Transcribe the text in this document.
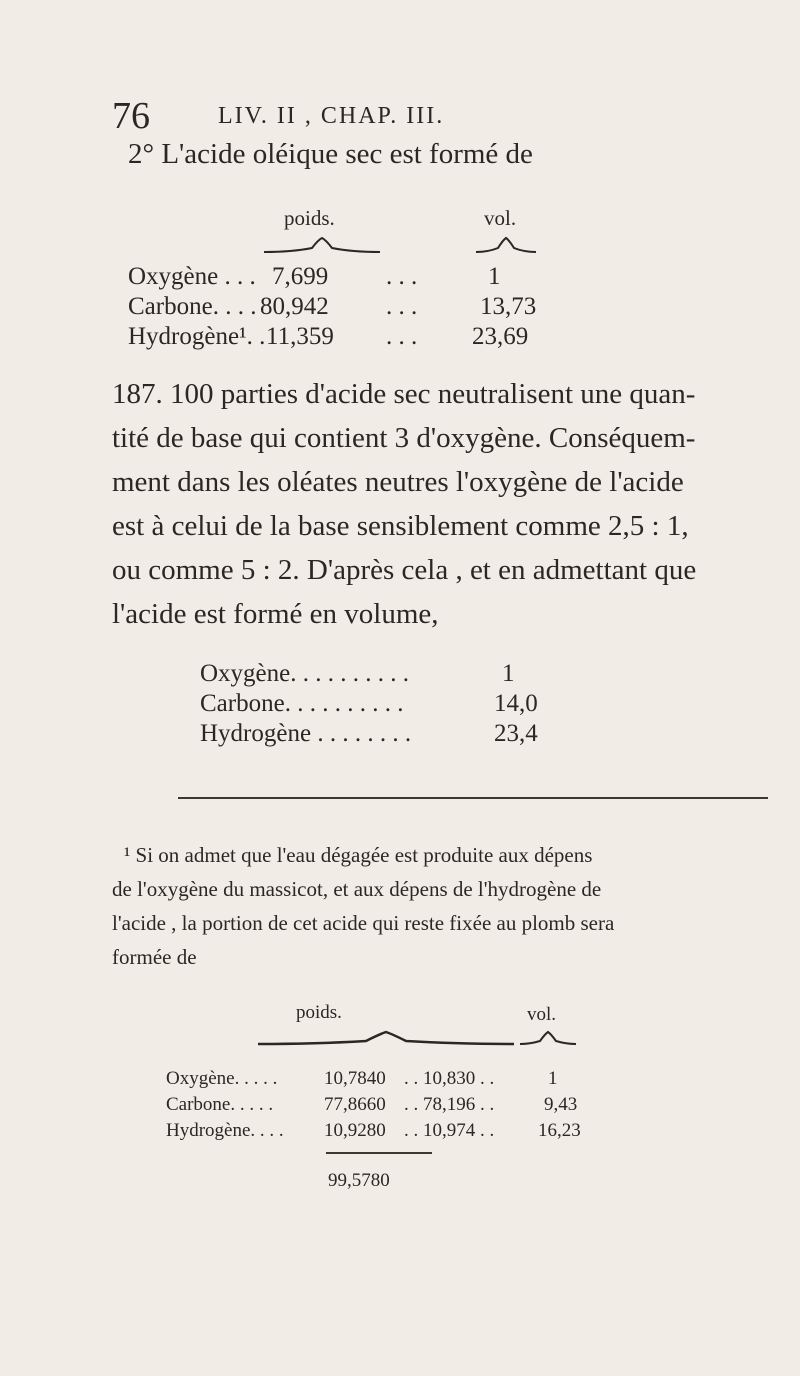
76	LIV. II , CHAP. III.
2° L'acide oléique sec est formé de
poids.	vol.
Oxygène . . . 7,699 . . .	1
Carbone. . . . 80,942 . . .	13,73
Hydrogène¹. . 11,359 . . . 23,69
187. 100 parties d'acide sec neutralisent une quan-
tité de base qui contient 3 d'oxygène. Conséquem-
ment dans les oléates neutres l'oxygène de l'acide
est à celui de la base sensiblement comme 2,5 : 1,
ou comme 5 : 2. D'après cela , et en admettant que
l'acide est formé en volume,
Oxygène. . . . . . . . . .	1
Carbone. . . . . . . . . .	14,0
Hydrogène . . . . . . . .	23,4
¹ Si on admet que l'eau dégagée est produite aux dépens
de l'oxygène du massicot, et aux dépens de l'hydrogène de
l'acide , la portion de cet acide qui reste fixée au plomb sera
formée de
poids.	vol.
Oxygène. . . . . 10,7840 . . 10,830 . .	1
Carbone. . . . .	77,8660 . . 78,196 . .	9,43
Hydrogène. . . . 10,9280 . . 10,974 . . 16,23
99,5780
